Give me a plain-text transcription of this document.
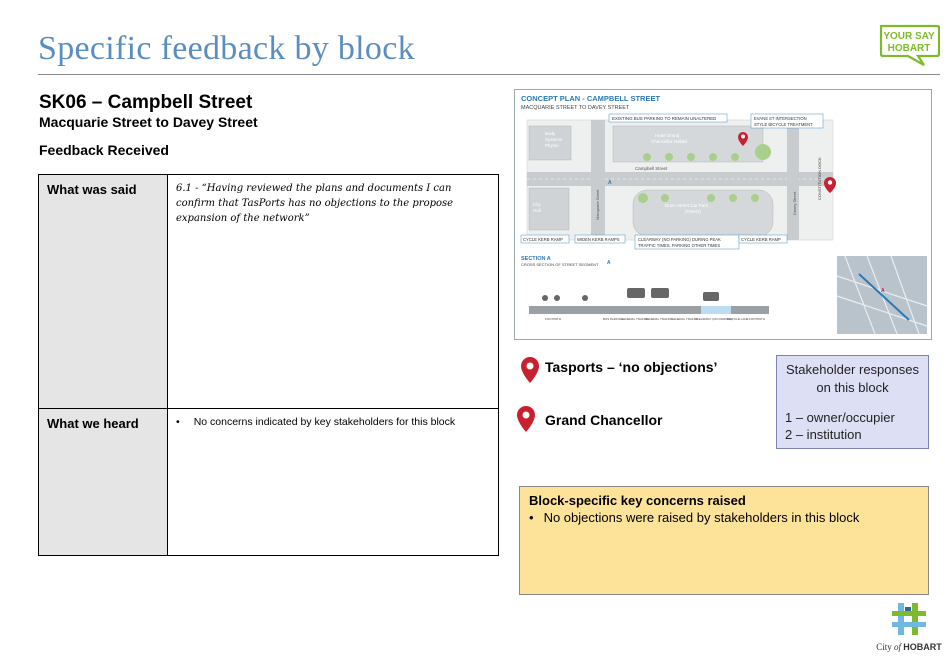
Specific feedback by block	YOUR SAY
HOBART
SK06 – Campbell Street
Macquarie Street to Davey Street
Feedback Received
What was said	6.1 - “Having reviewed the plans and documents I can confirm that TasPorts has no objections to the propose expansion of the network”
What we heard	• No concerns indicated by key stakeholders for this block
CONCEPT PLAN - CAMPBELL STREET
MACQUARIE STREET TO DAVEY STREET
Body
Systems
Physio
City
Hall
Hotel Grand
Chancellor Hobart
Dunn Street Car Park
(TMAG)
Campbell Street
Macquarie Street	Davey Street
CONSTITUTION DOCK
EXISTING BUS PARKING TO REMAIN UNALTERED	EVANS ST INTERSECTION
STYLE BICYCLE TREATMENT
CYCLE KERB RAMP	WIDEN KERB RAMPS	CLEARWAY (NO PARKING) DURING PEAK
TRAFFIC TIMES. PARKING OTHER TIMES
CYCLE KERB RAMP
SECTION A
CROSS SECTION OF STREET SEGMENT
FOOTPATH	BUS PARKING
GENERAL TRAFFIC
GENERAL TRAFFIC
GENERAL TRAFFIC
CLEARWAY (NO PARKING)
BICYCLE LANE FOOTPATH
A
A
A
Tasports – ‘no objections’
Grand Chancellor
Stakeholder responses on this block
1 – owner/occupier
2 – institution
Block-specific key concerns raised
• No objections were raised by stakeholders in this block
City of HOBART
